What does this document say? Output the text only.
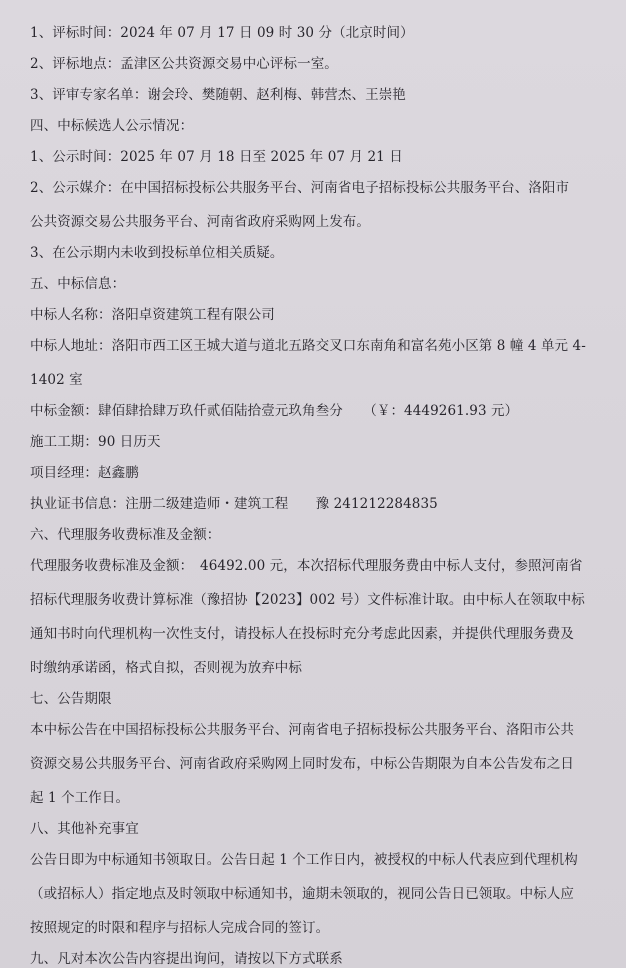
1、评标时间：2024 年 07 月 17 日 09 时 30 分（北京时间）
2、评标地点：孟津区公共资源交易中心评标一室。
3、评审专家名单：谢会玲、樊随朝、赵利梅、韩营杰、王崇艳
四、中标候选人公示情况：
1、公示时间：2025 年 07 月 18 日至 2025 年 07 月 21 日
2、公示媒介：在中国招标投标公共服务平台、河南省电子招标投标公共服务平台、洛阳市
公共资源交易公共服务平台、河南省政府采购网上发布。
3、在公示期内未收到投标单位相关质疑。
五、中标信息：
中标人名称：洛阳卓资建筑工程有限公司
中标人地址：洛阳市西工区王城大道与道北五路交叉口东南角和富名苑小区第 8 幢 4 单元 4-
1402 室
中标金额：肆佰肆拾肆万玖仟贰佰陆拾壹元玖角叁分　　（￥：4449261.93 元）
施工工期：90 日历天
项目经理：赵鑫鹏
执业证书信息：注册二级建造师・建筑工程　　豫 241212284835
六、代理服务收费标准及金额：
代理服务收费标准及金额：　46492.00 元，本次招标代理服务费由中标人支付，参照河南省
招标代理服务收费计算标准（豫招协【2023】002 号）文件标准计取。由中标人在领取中标
通知书时向代理机构一次性支付，请投标人在投标时充分考虑此因素，并提供代理服务费及
时缴纳承诺函，格式自拟，否则视为放弃中标
七、公告期限
本中标公告在中国招标投标公共服务平台、河南省电子招标投标公共服务平台、洛阳市公共
资源交易公共服务平台、河南省政府采购网上同时发布，中标公告期限为自本公告发布之日
起 1 个工作日。
八、其他补充事宜
公告日即为中标通知书领取日。公告日起 1 个工作日内，被授权的中标人代表应到代理机构
（或招标人）指定地点及时领取中标通知书，逾期未领取的，视同公告日已领取。中标人应
按照规定的时限和程序与招标人完成合同的签订。
九、凡对本次公告内容提出询问，请按以下方式联系
